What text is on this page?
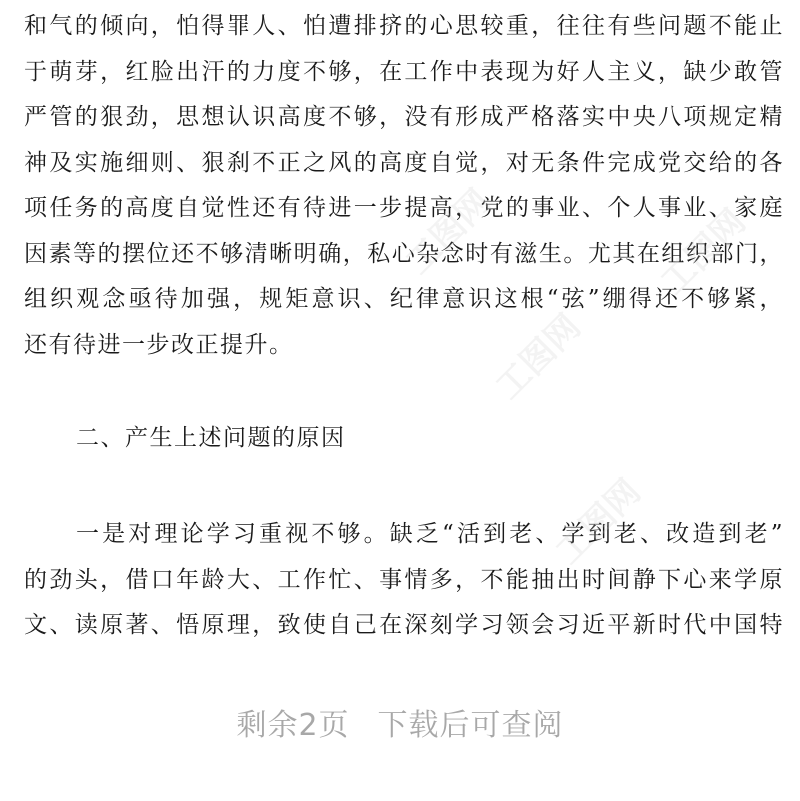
和气的倾向，怕得罪人、怕遭排挤的心思较重，往往有些问题不能止
于萌芽，红脸出汗的力度不够，在工作中表现为好人主义，缺少敢管
严管的狠劲，思想认识高度不够，没有形成严格落实中央八项规定精
神及实施细则、狠刹不正之风的高度自觉，对无条件完成党交给的各
项任务的高度自觉性还有待进一步提高，党的事业、个人事业、家庭
因素等的摆位还不够清晰明确，私心杂念时有滋生。尤其在组织部门，
组织观念亟待加强，规矩意识、纪律意识这根“弦”绷得还不够紧，
还有待进一步改正提升。
二、产生上述问题的原因
一是对理论学习重视不够。缺乏“活到老、学到老、改造到老”
的劲头，借口年龄大、工作忙、事情多，不能抽出时间静下心来学原
文、读原著、悟原理，致使自己在深刻学习领会习近平新时代中国特
工图网	工图网
工图网
工图网
剩余2页 下载后可查阅
